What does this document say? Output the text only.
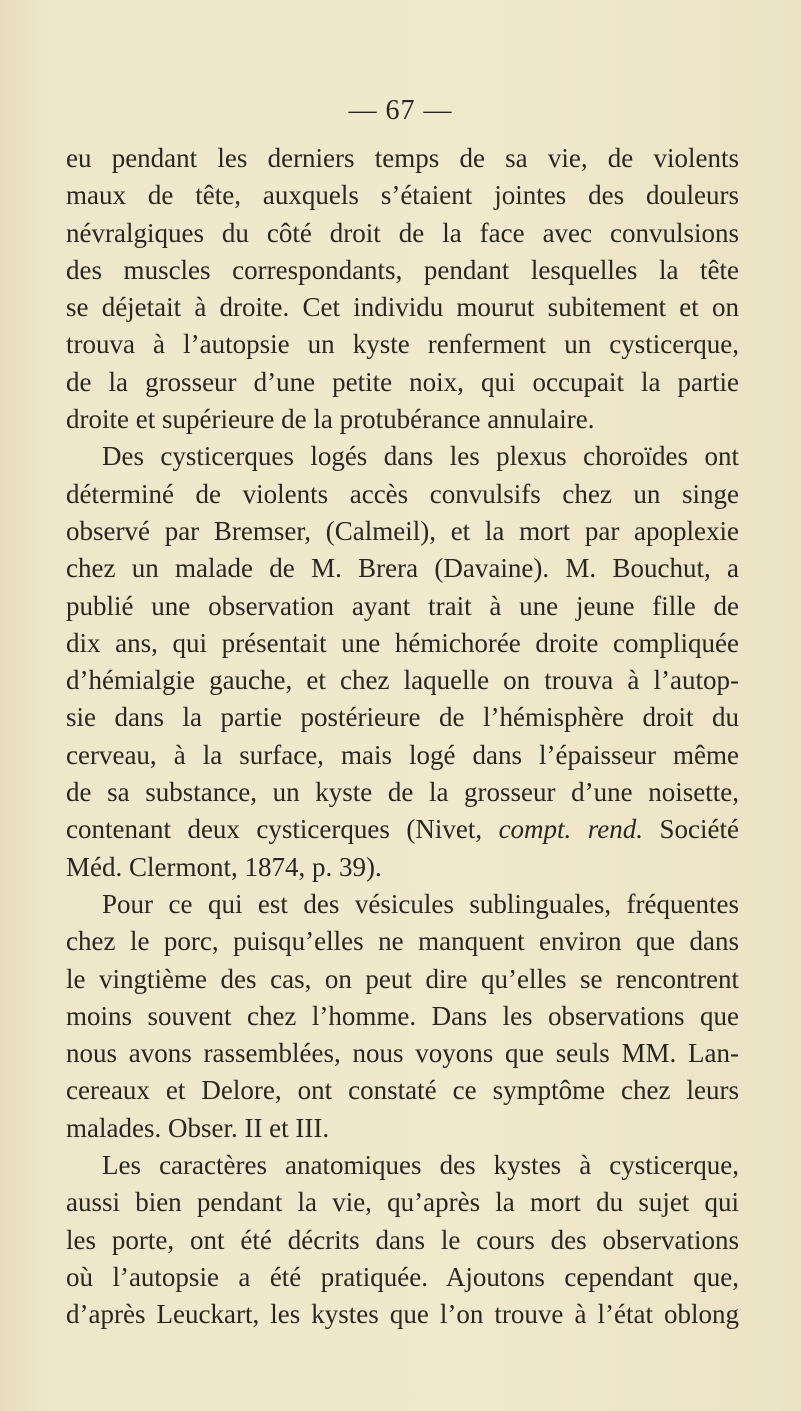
— 67 —
eu pendant les derniers temps de sa vie, de violents
maux de tête, auxquels s’étaient jointes des douleurs
névralgiques du côté droit de la face avec convulsions
des muscles correspondants, pendant lesquelles la tête
se déjetait à droite. Cet individu mourut subitement et on
trouva à l’autopsie un kyste renferment un cysticerque,
de la grosseur d’une petite noix, qui occupait la partie
droite et supérieure de la protubérance annulaire.
Des cysticerques logés dans les plexus choroïdes ont
déterminé de violents accès convulsifs chez un singe
observé par Bremser, (Calmeil), et la mort par apoplexie
chez un malade de M. Brera (Davaine). M. Bouchut, a
publié une observation ayant trait à une jeune fille de
dix ans, qui présentait une hémichorée droite compliquée
d’hémialgie gauche, et chez laquelle on trouva à l’autop-
sie dans la partie postérieure de l’hémisphère droit du
cerveau, à la surface, mais logé dans l’épaisseur même
de sa substance, un kyste de la grosseur d’une noisette,
contenant deux cysticerques (Nivet, compt. rend. Société
Méd. Clermont, 1874, p. 39).
Pour ce qui est des vésicules sublinguales, fréquentes
chez le porc, puisqu’elles ne manquent environ que dans
le vingtième des cas, on peut dire qu’elles se rencontrent
moins souvent chez l’homme. Dans les observations que
nous avons rassemblées, nous voyons que seuls MM. Lan-
cereaux et Delore, ont constaté ce symptôme chez leurs
malades. Obser. II et III.
Les caractères anatomiques des kystes à cysticerque,
aussi bien pendant la vie, qu’après la mort du sujet qui
les porte, ont été décrits dans le cours des observations
où l’autopsie a été pratiquée. Ajoutons cependant que,
d’après Leuckart, les kystes que l’on trouve à l’état oblong
